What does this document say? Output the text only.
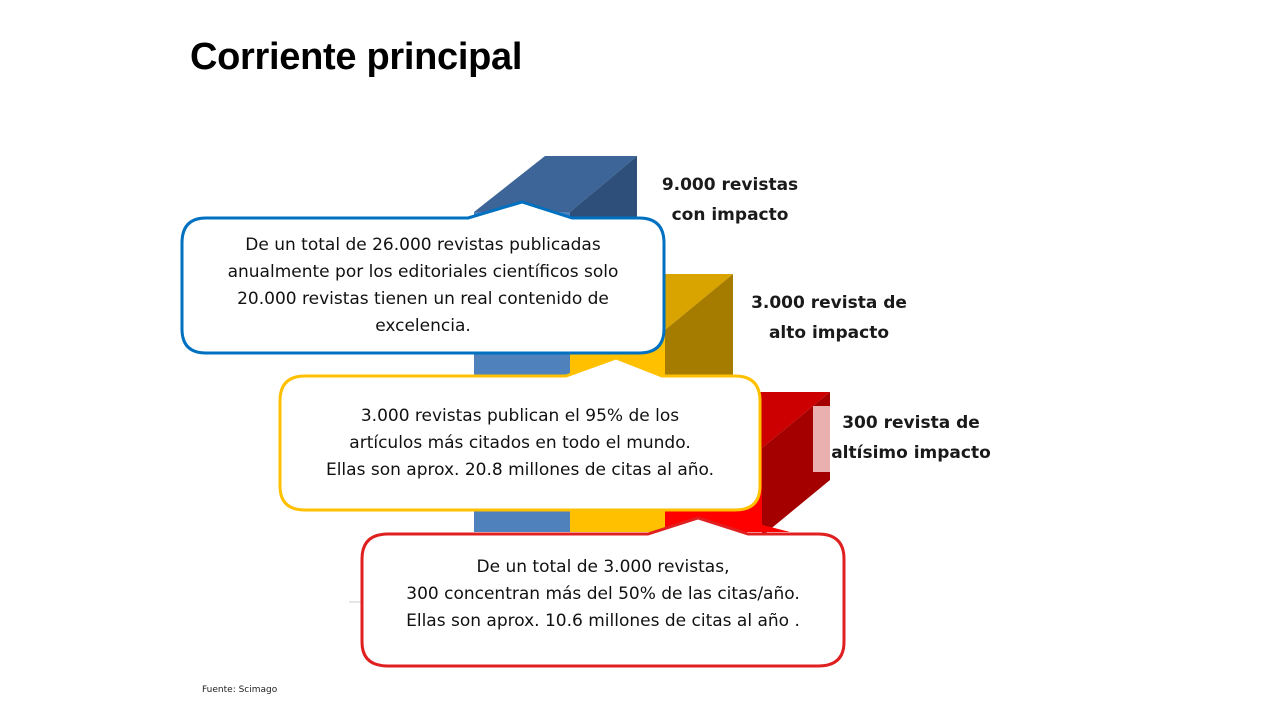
Corriente principal
9.000 revistas
con impacto
3.000 revista de
alto impacto
300 revista de
altísimo impacto
De un total de 26.000 revistas publicadas
anualmente por los editoriales científicos solo
20.000 revistas tienen un real contenido de
excelencia.
3.000 revistas publican el 95% de los
artículos más citados en todo el mundo.
Ellas son aprox. 20.8 millones de citas al año.
De un total de 3.000 revistas,
300 concentran más del 50% de las citas/año.
Ellas son aprox. 10.6 millones de citas al año .
Fuente: Scimago
